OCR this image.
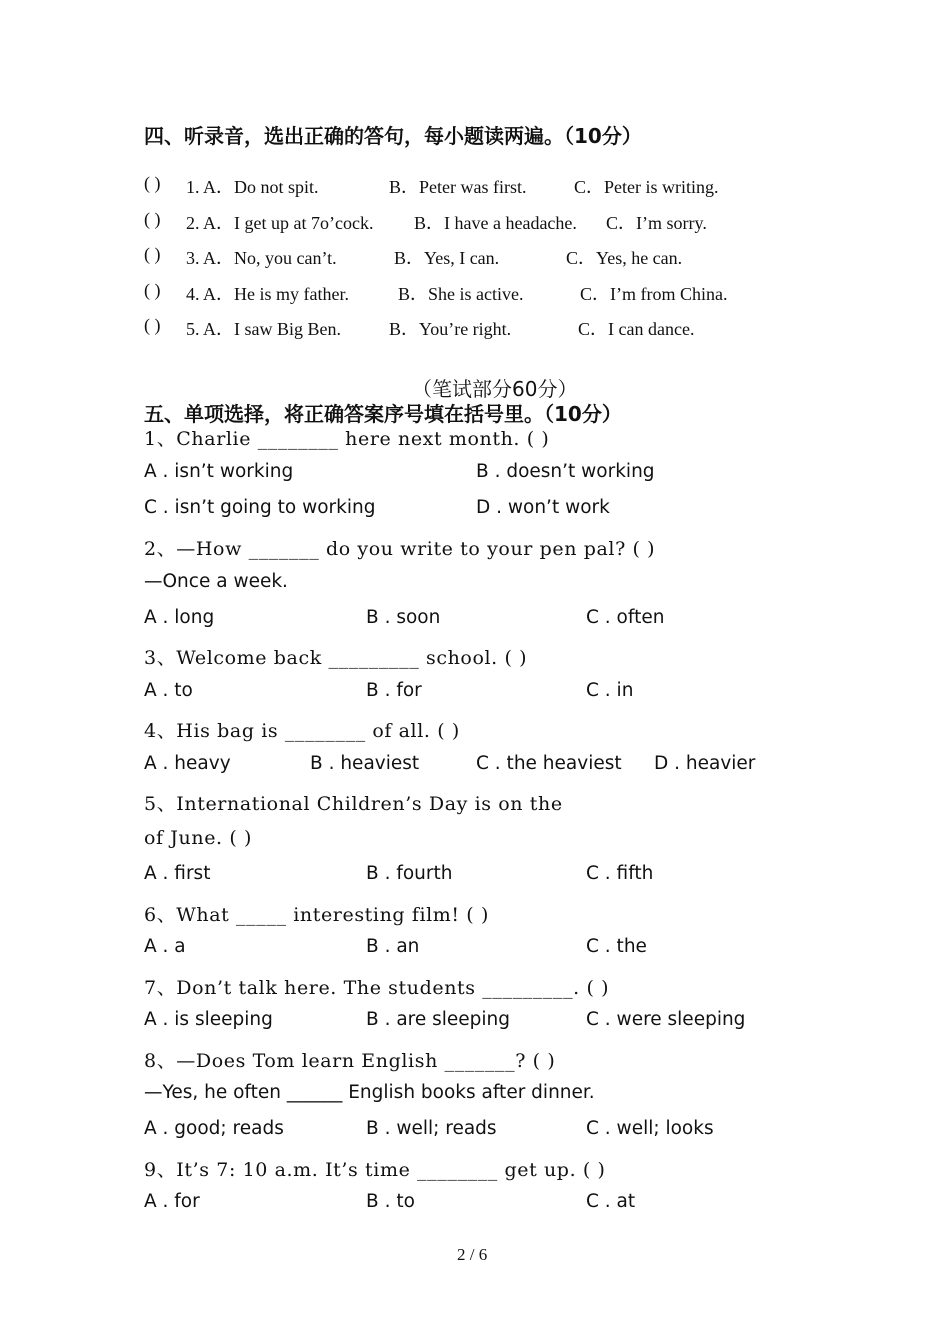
四、听录音，选出正确的答句，每小题读两遍。（10分）
( ) 1. A．Do not spit.	B．Peter was first.	C．Peter is writing.
( ) 2. A．I get up at 7o’cock. B．I have a headache. C．I’m sorry.
( ) 3. A．No, you can’t.	B．Yes, I can.	C．Yes, he can.
( ) 4. A．He is my father.	B．She is active.	C．I’m from China.
( ) 5. A．I saw Big Ben.	B．You’re right.	C．I can dance.
（笔试部分60分）
五、单项选择，将正确答案序号填在括号里。（10分）
1、Charlie ________ here next month. ( )
A . isn’t working	B . doesn’t working
C . isn’t going to working	D . won’t work
2、—How _______ do you write to your pen pal? ( )
—Once a week.
A . long	B . soon	C . often
3、Welcome back _________ school. ( )
A . to	B . for	C . in
4、His bag is ________ of all. ( )
A . heavy	B . heaviest	C . the heaviest D . heavier
5、International Children’s Day is on the
of June. ( )
A . first	B . fourth	C . fifth
6、What _____ interesting film! ( )
A . a	B . an	C . the
7、Don’t talk here. The students _________. ( )
A . is sleeping	B . are sleeping	C . were sleeping
8、—Does Tom learn English _______? ( )
—Yes, he often ______ English books after dinner.
A . good; reads	B . well; reads	C . well; looks
9、It’s 7: 10 a.m. It’s time ________ get up. ( )
A . for	B . to	C . at
2 / 6
